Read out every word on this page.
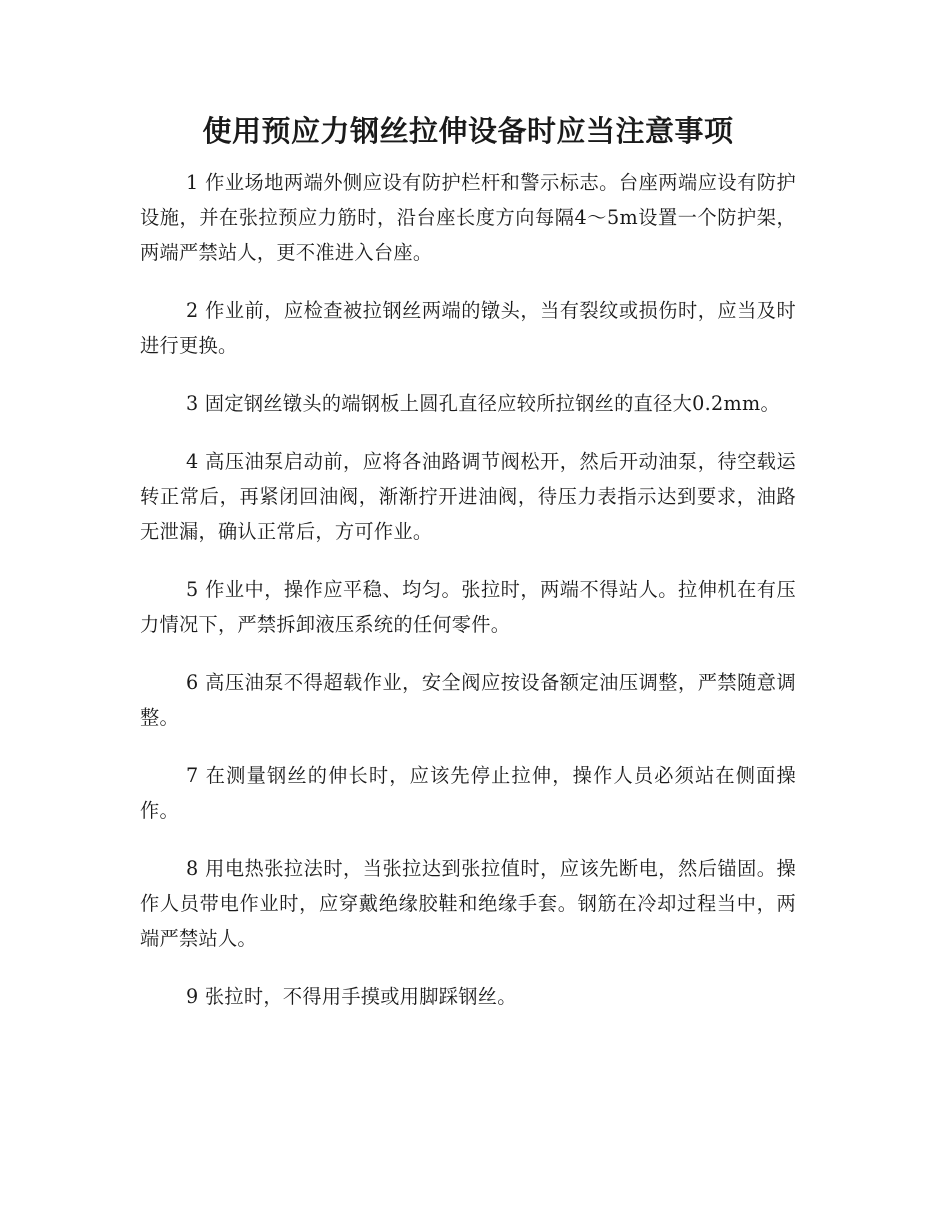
使用预应力钢丝拉伸设备时应当注意事项

1 作业场地两端外侧应设有防护栏杆和警示标志。台座两端应设有防护设施，并在张拉预应力筋时，沿台座长度方向每隔4～5m设置一个防护架，两端严禁站人，更不准进入台座。

2 作业前，应检查被拉钢丝两端的镦头，当有裂纹或损伤时，应当及时进行更换。

3 固定钢丝镦头的端钢板上圆孔直径应较所拉钢丝的直径大0.2mm。

4 高压油泵启动前，应将各油路调节阀松开，然后开动油泵，待空载运转正常后，再紧闭回油阀，渐渐拧开进油阀，待压力表指示达到要求，油路无泄漏，确认正常后，方可作业。

5 作业中，操作应平稳、均匀。张拉时，两端不得站人。拉伸机在有压力情况下，严禁拆卸液压系统的任何零件。

6 高压油泵不得超载作业，安全阀应按设备额定油压调整，严禁随意调整。

7 在测量钢丝的伸长时，应该先停止拉伸，操作人员必须站在侧面操作。

8 用电热张拉法时，当张拉达到张拉值时，应该先断电，然后锚固。操作人员带电作业时，应穿戴绝缘胶鞋和绝缘手套。钢筋在冷却过程当中，两端严禁站人。

9 张拉时，不得用手摸或用脚踩钢丝。
